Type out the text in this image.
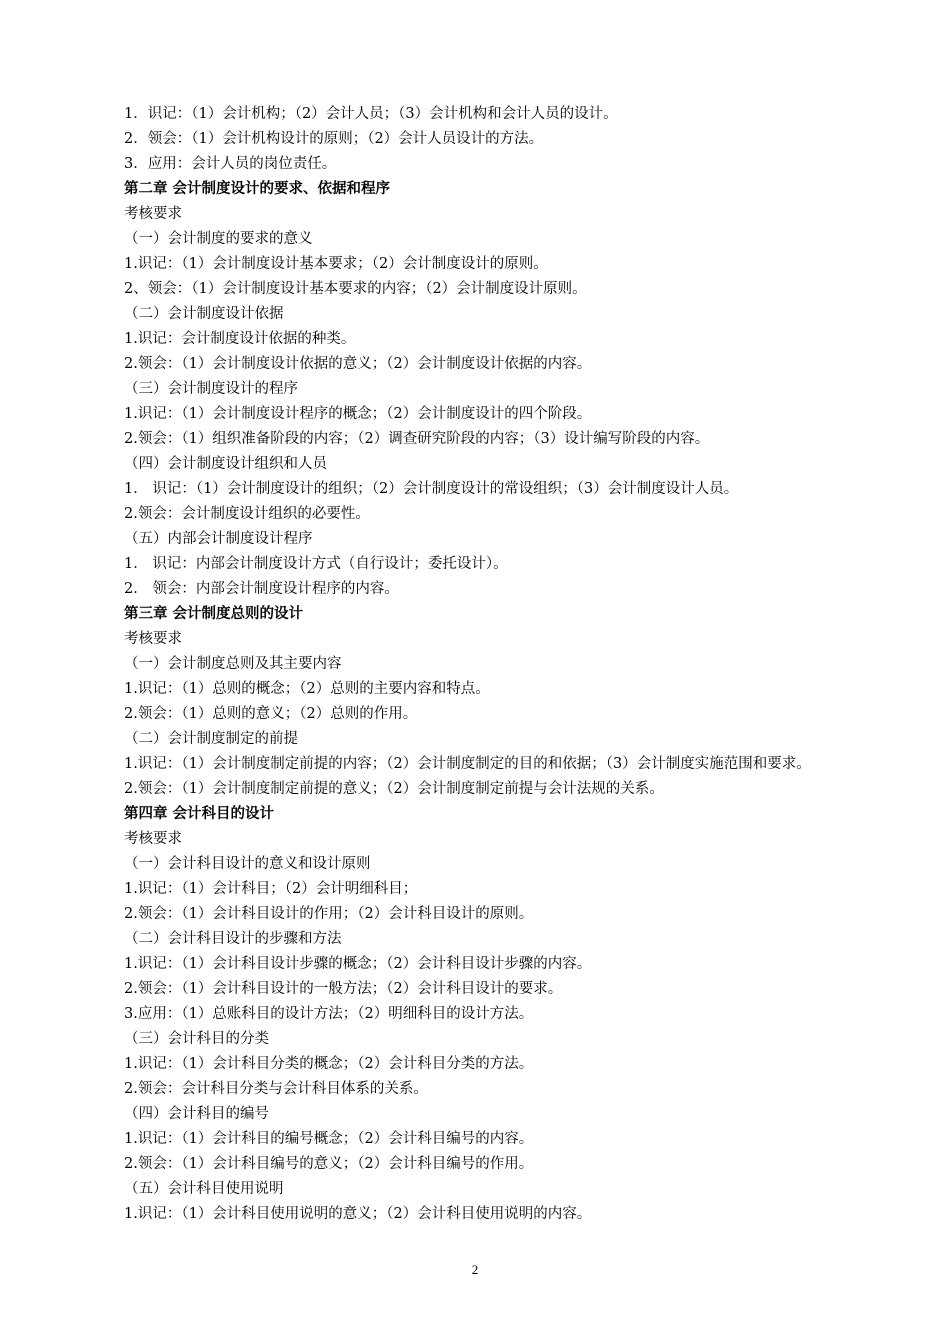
1．识记：（1）会计机构；（2）会计人员；（3）会计机构和会计人员的设计。
2．领会：（1）会计机构设计的原则；（2）会计人员设计的方法。
3．应用：会计人员的岗位责任。
第二章 会计制度设计的要求、依据和程序
考核要求
（一）会计制度的要求的意义
1.识记：（1）会计制度设计基本要求；（2）会计制度设计的原则。
2、领会：（1）会计制度设计基本要求的内容；（2）会计制度设计原则。
（二）会计制度设计依据
1.识记：会计制度设计依据的种类。
2.领会：（1）会计制度设计依据的意义；（2）会计制度设计依据的内容。
（三）会计制度设计的程序
1.识记：（1）会计制度设计程序的概念；（2）会计制度设计的四个阶段。
2.领会：（1）组织准备阶段的内容；（2）调查研究阶段的内容；（3）设计编写阶段的内容。
（四）会计制度设计组织和人员
1． 识记：（1）会计制度设计的组织；（2）会计制度设计的常设组织；（3）会计制度设计人员。
2.领会：会计制度设计组织的必要性。
（五）内部会计制度设计程序
1． 识记：内部会计制度设计方式（自行设计；委托设计）。
2． 领会：内部会计制度设计程序的内容。
第三章 会计制度总则的设计
考核要求
（一）会计制度总则及其主要内容
1.识记：（1）总则的概念；（2）总则的主要内容和特点。
2.领会：（1）总则的意义；（2）总则的作用。
（二）会计制度制定的前提
1.识记：（1）会计制度制定前提的内容；（2）会计制度制定的目的和依据；（3）会计制度实施范围和要求。
2.领会：（1）会计制度制定前提的意义；（2）会计制度制定前提与会计法规的关系。
第四章 会计科目的设计
考核要求
（一）会计科目设计的意义和设计原则
1.识记：（1）会计科目；（2）会计明细科目；
2.领会：（1）会计科目设计的作用；（2）会计科目设计的原则。
（二）会计科目设计的步骤和方法
1.识记：（1）会计科目设计步骤的概念；（2）会计科目设计步骤的内容。
2.领会：（1）会计科目设计的一般方法；（2）会计科目设计的要求。
3.应用：（1）总账科目的设计方法；（2）明细科目的设计方法。
（三）会计科目的分类
1.识记：（1）会计科目分类的概念；（2）会计科目分类的方法。
2.领会：会计科目分类与会计科目体系的关系。
（四）会计科目的编号
1.识记：（1）会计科目的编号概念；（2）会计科目编号的内容。
2.领会：（1）会计科目编号的意义；（2）会计科目编号的作用。
（五）会计科目使用说明
1.识记：（1）会计科目使用说明的意义；（2）会计科目使用说明的内容。
2
